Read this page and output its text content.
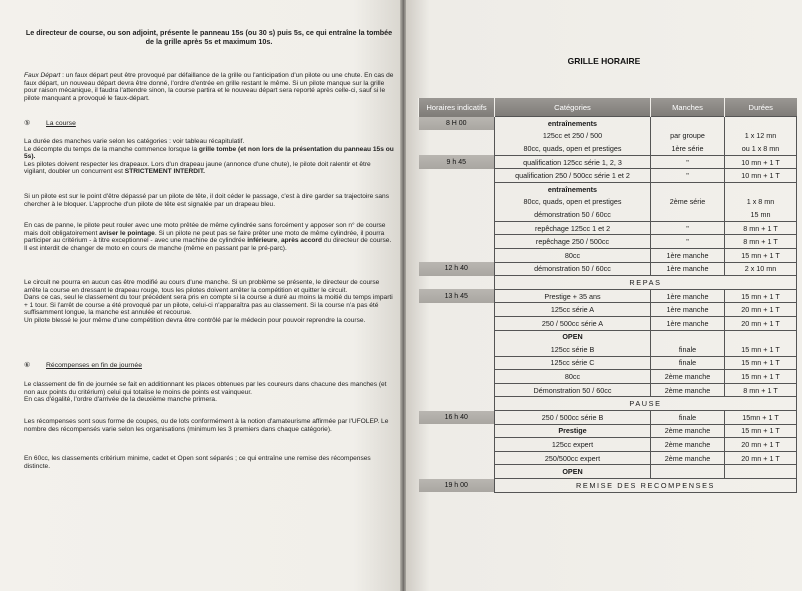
Le directeur de course, ou son adjoint, présente le panneau 15s (ou 30 s) puis 5s, ce qui entraîne la tombée de la grille après 5s et maximum 10s.

Faux Départ : un faux départ peut être provoqué par défaillance de la grille ou l'anticipation d'un pilote ou une chute. En cas de faux départ, un nouveau départ devra être donné, l'ordre d'entrée en grille restant le même. Si un pilote manque sur la grille pour raison mécanique, il faudra l'attendre sinon, la course partira et le nouveau départ sera reporté après celle-ci, sauf si le pilote manquant a provoqué le faux-départ.

⑤ La course

La durée des manches varie selon les catégories : voir tableau récapitulatif.

Le décompte du temps de la manche commence lorsque la grille tombe (et non lors de la présentation du panneau 15s ou 5s).

Les pilotes doivent respecter les drapeaux. Lors d'un drapeau jaune (annonce d'une chute), le pilote doit ralentir et être vigilant, doubler un concurrent est STRICTEMENT INTERDIT.

Si un pilote est sur le point d'être dépassé par un pilote de tête, il doit céder le passage, c'est à dire garder sa trajectoire sans chercher à le bloquer. L'approche d'un pilote de tête est signalée par un drapeau bleu.

En cas de panne, le pilote peut rouler avec une moto prêtée de même cylindrée sans forcément y apposer son n° de course mais doit obligatoirement aviser le pointage. Si un pilote ne peut pas se faire prêter une moto de même cylindrée, il pourra participer au critérium - à titre exceptionnel - avec une machine de cylindrée inférieure, après accord du directeur de course. Il est interdit de changer de moto en cours de manche (même en passant par le pré-parc).

Le circuit ne pourra en aucun cas être modifié au cours d'une manche. Si un problème se présente, le directeur de course arrête la course en dressant le drapeau rouge, tous les pilotes doivent arrêter la compétition et quitter le circuit.

Dans ce cas, seul le classement du tour précédent sera pris en compte si la course a duré au moins la moitié du temps imparti + 1 tour. Si l'arrêt de course a été provoqué par un pilote, celui-ci n'apparaîtra pas au classement. Si la course n'a pas été suffisamment longue, la manche est annulée et recourue.

Un pilote blessé le jour même d'une compétition devra être contrôlé par le médecin pour pouvoir reprendre la course.

⑥ Récompenses en fin de journée

Le classement de fin de journée se fait en additionnant les places obtenues par les coureurs dans chacune des manches (et non aux points du critérium) celui qui totalise le moins de points est vainqueur.

En cas d'égalité, l'ordre d'arrivée de la deuxième manche primera.

Les récompenses sont sous forme de coupes, ou de lots conformément à la notion d'amateurisme affirmée par l'UFOLEP. Le nombre des récompensés varie selon les organisations (minimum les 3 premiers dans chaque catégorie).
En 60cc, les classements critérium minime, cadet et Open sont séparés ; ce qui entraîne une remise des récompenses distincte.
GRILLE HORAIRE
Horaires indicatifs	Catégories	Manches	Durées
8 H 00	entraînements		
	125cc et 250 / 500	par groupe	1 x 12 mn
	80cc, quads, open et prestiges	1ère série	ou 1 x 8 mn
9 h 45	qualification 125cc série 1, 2, 3	"	10 mn + 1 T
	qualification 250 / 500cc série 1 et 2	"	10 mn + 1 T
	entraînements		
	80cc, quads, open et prestiges	2ème série	1 x 8 mn
	démonstration 50 / 60cc		15 mn
	repêchage 125cc 1 et 2	"	8 mn + 1 T
	repêchage 250 / 500cc	"	8 mn + 1 T
	80cc	1ère manche	15 mn + 1 T
12 h 40	démonstration 50 / 60cc	1ère manche	2 x 10 mn
	REPAS		
13 h 45	Prestige + 35 ans	1ère manche	15 mn + 1 T
	125cc série A	1ère manche	20 mn + 1 T
	250 / 500cc série A	1ère manche	20 mn + 1 T
	OPEN		
	125cc série B	finale	15 mn + 1 T
	125cc série C	finale	15 mn + 1 T
	80cc	2ème manche	15 mn + 1 T
	Démonstration 50 / 60cc	2ème manche	8 mn + 1 T
	PAUSE		
16 h 40	250 / 500cc série B	finale	15mn + 1 T
	Prestige	2ème manche	15 mn + 1 T
	125cc expert	2ème manche	20 mn + 1 T
	250/500cc expert	2ème manche	20 mn + 1 T
	OPEN		
19 h 00	REMISE DES RECOMPENSES		
